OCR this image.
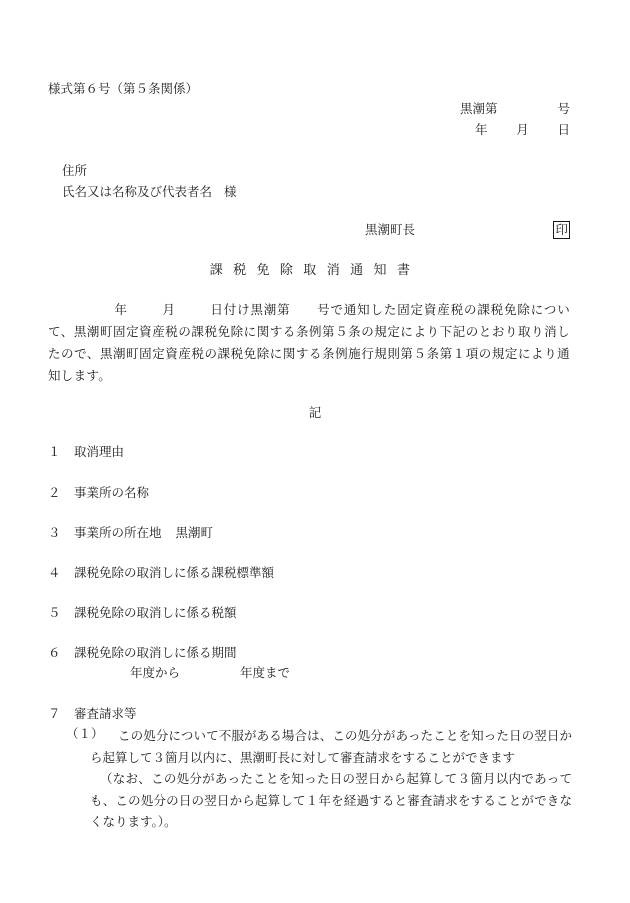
様式第６号（第５条関係）
黒潮第	号
年 月 日
住所
氏名又は名称及び代表者名 様
黒潮町長	印
課税免除取消通知書
年	月	日付け黒潮第 号で通知した固定資産税の課税免除について、黒潮町固定資産税の課税免除に関する条例第５条の規定により下記のとおり取り消したので、黒潮町固定資産税の課税免除に関する条例施行規則第５条第１項の規定により通知します。
記
１ 取消理由
２ 事業所の名称
３ 事業所の所在地 黒潮町
４ 課税免除の取消しに係る課税標準額
５ 課税免除の取消しに係る税額
６ 課税免除の取消しに係る期間
年度から	年度まで
７ 審査請求等
（１）	この処分について不服がある場合は、この処分があったことを知った日の翌日から起算して３箇月以内に、黒潮町長に対して審査請求をすることができます
（なお、この処分があったことを知った日の翌日から起算して３箇月以内であっても、この処分の日の翌日から起算して１年を経過すると審査請求をすることができなくなります。）。
